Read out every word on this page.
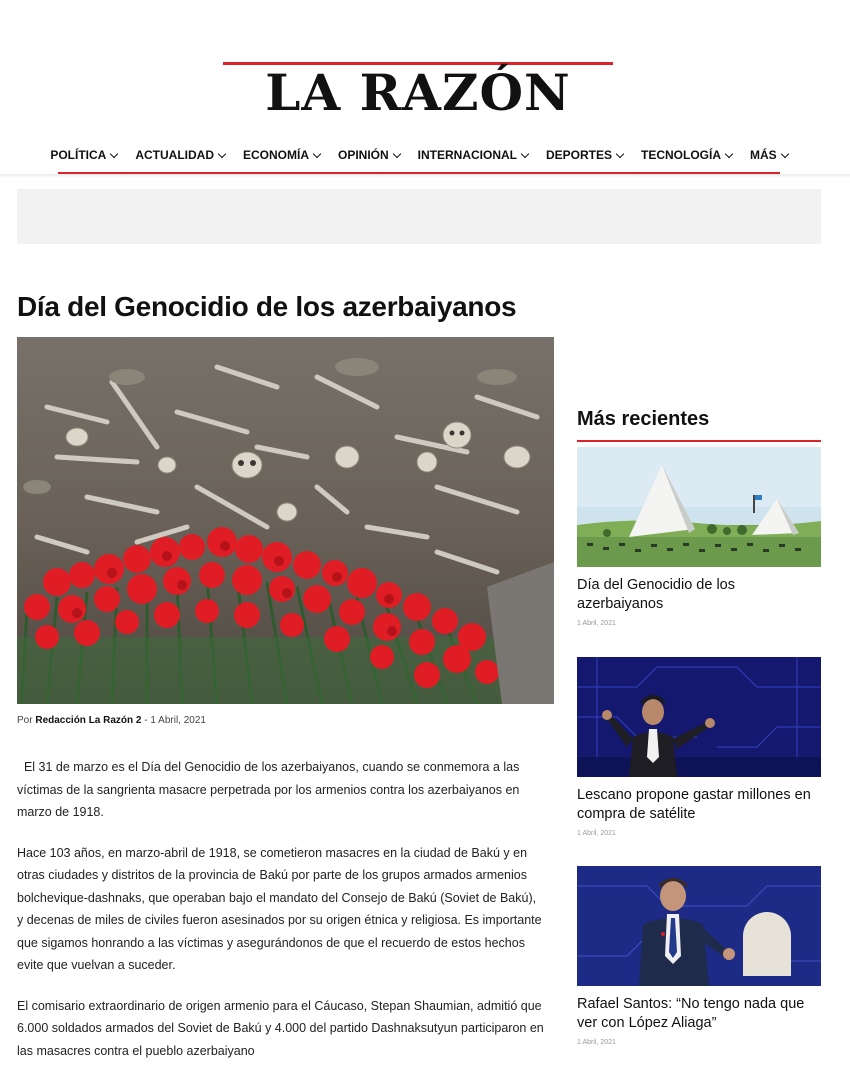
LA RAZÓN
POLÍTICA ACTUALIDAD ECONOMÍA OPINIÓN INTERNACIONAL DEPORTES TECNOLOGÍA MÁS
Día del Genocidio de los azerbaiyanos
Por Redacción La Razón 2 - 1 Abril, 2021

El 31 de marzo es el Día del Genocidio de los azerbaiyanos, cuando se conmemora a las víctimas de la sangrienta masacre perpetrada por los armenios contra los azerbaiyanos en marzo de 1918.

Hace 103 años, en marzo-abril de 1918, se cometieron masacres en la ciudad de Bakú y en otras ciudades y distritos de la provincia de Bakú por parte de los grupos armados armenios bolchevique-dashnaks, que operaban bajo el mandato del Consejo de Bakú (Soviet de Bakú), y decenas de miles de civiles fueron asesinados por su origen étnica y religiosa. Es importante que sigamos honrando a las víctimas y asegurándonos de que el recuerdo de estos hechos evite que vuelvan a suceder.

El comisario extraordinario de origen armenio para el Cáucaso, Stepan Shaumian, admitió que 6.000 soldados armados del Soviet de Bakú y 4.000 del partido Dashnaksutyun participaron en las masacres contra el pueblo azerbaiyano

Más recientes
Día del Genocidio de los azerbaiyanos
1 Abril, 2021
Lescano propone gastar millones en compra de satélite
1 Abril, 2021
Rafael Santos: “No tengo nada que ver con López Aliaga”
1 Abril, 2021
